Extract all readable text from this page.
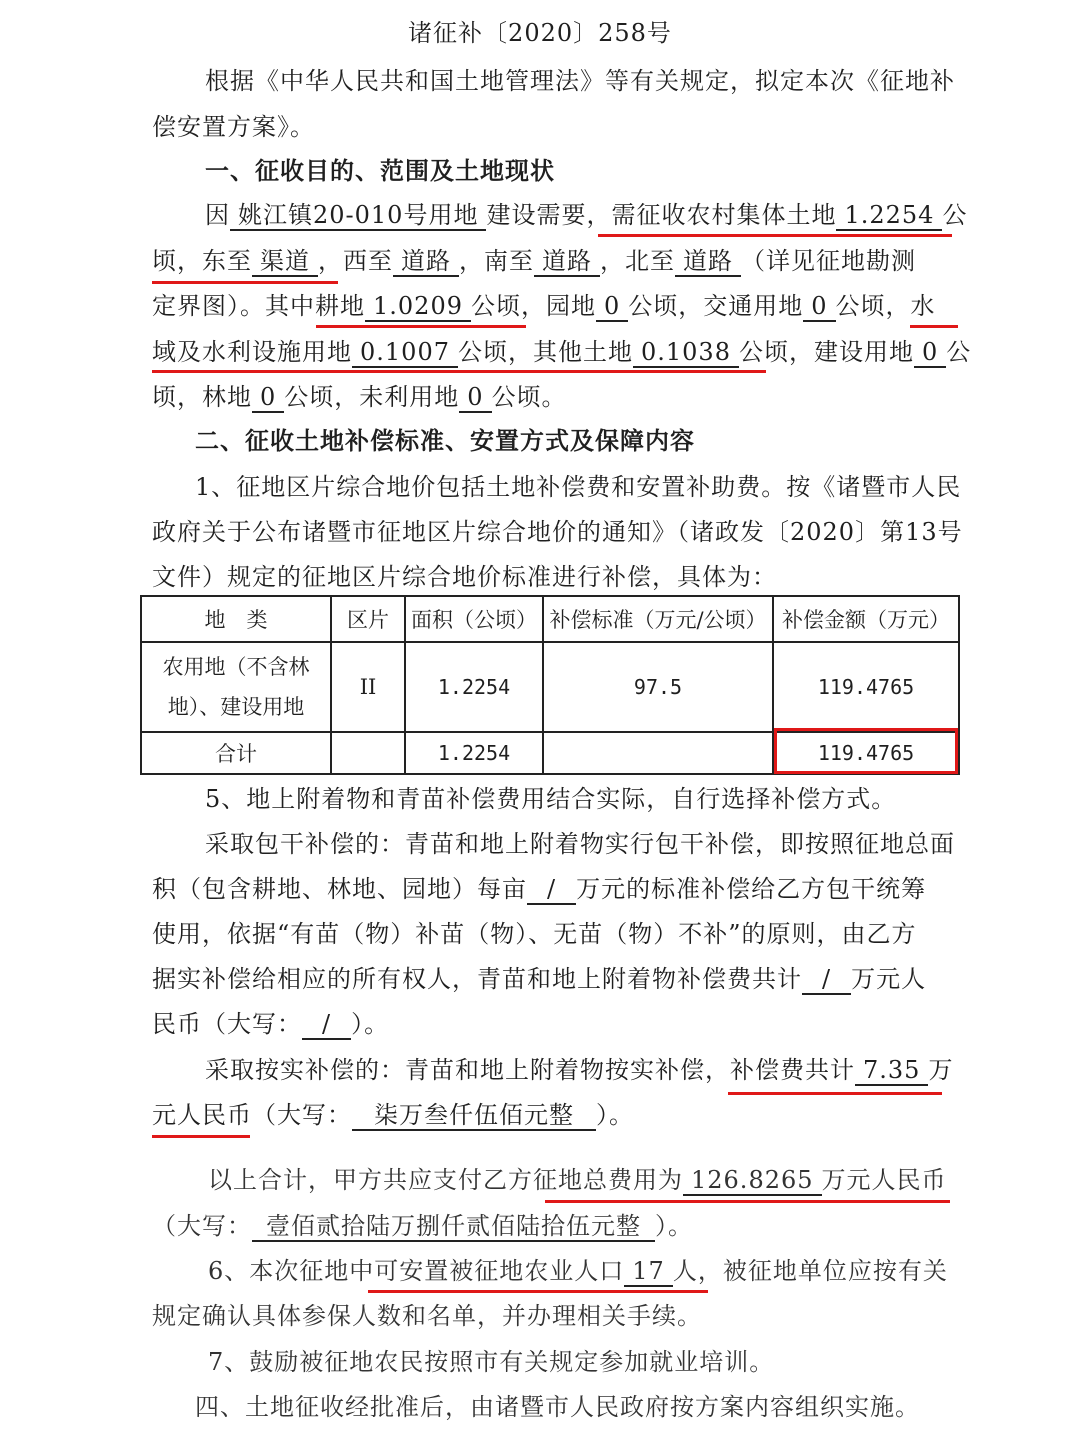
诸征补〔2020〕258号
根据《中华人民共和国土地管理法》等有关规定，拟定本次《征地补
偿安置方案》。
一、征收目的、范围及土地现状
因 姚江镇20-010号用地 建设需要，需征收农村集体土地 1.2254 公
顷，东至 渠道 ，西至 道路 ，南至 道路 ，北至 道路 （详见征地勘测
定界图）。其中耕地 1.0209 公顷，园地 0 公顷，交通用地 0 公顷，水
域及水利设施用地 0.1007 公顷，其他土地 0.1038 公顷，建设用地 0 公
顷，林地 0 公顷，未利用地 0 公顷。
二、征收土地补偿标准、安置方式及保障内容
1、征地区片综合地价包括土地补偿费和安置补助费。按《诸暨市人民
政府关于公布诸暨市征地区片综合地价的通知》（诸政发〔2020〕第13号
文件）规定的征地区片综合地价标准进行补偿，具体为：
地　类	区片	面积（公顷）	补偿标准（万元/公顷）	补偿金额（万元）

农用地（不含林
地）、建设用地	II	1.2254	97.5	119.4765
合计		1.2254		119.4765
5、地上附着物和青苗补偿费用结合实际，自行选择补偿方式。
采取包干补偿的：青苗和地上附着物实行包干补偿，即按照征地总面
积（包含耕地、林地、园地）每亩 / 万元的标准补偿给乙方包干统筹
使用，依据“有苗（物）补苗（物）、无苗（物）不补”的原则，由乙方
据实补偿给相应的所有权人，青苗和地上附着物补偿费共计 / 万元人
民币（大写： / ）。
采取按实补偿的：青苗和地上附着物按实补偿，补偿费共计 7.35 万
元人民币（大写： 柒万叁仟伍佰元整 ）。
以上合计，甲方共应支付乙方征地总费用为 126.8265 万元人民币
（大写： 壹佰贰拾陆万捌仟贰佰陆拾伍元整 ）。
6、本次征地中可安置被征地农业人口 17 人，被征地单位应按有关
规定确认具体参保人数和名单，并办理相关手续。
7、鼓励被征地农民按照市有关规定参加就业培训。
四、土地征收经批准后，由诸暨市人民政府按方案内容组织实施。
